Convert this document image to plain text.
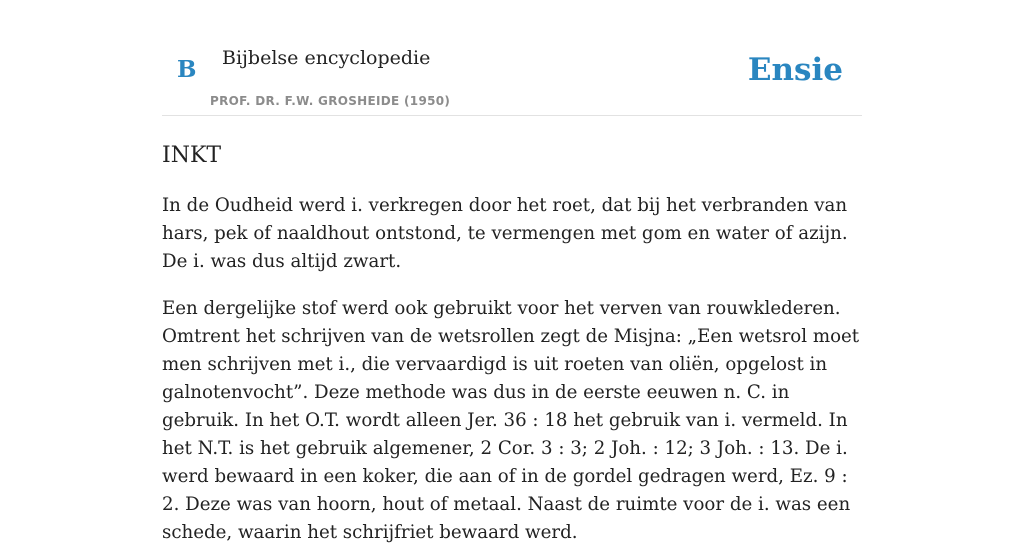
B Bijbelse encyclopedie
PROF. DR. F.W. GROSHEIDE (1950)
Ensie
INKT

In de Oudheid werd i. verkregen door het roet, dat bij het verbranden van hars, pek of naaldhout ontstond, te vermengen met gom en water of azijn. De i. was dus altijd zwart.

Een dergelijke stof werd ook gebruikt voor het verven van rouwklederen. Omtrent het schrijven van de wetsrollen zegt de Misjna: „Een wetsrol moet men schrijven met i., die vervaardigd is uit roeten van oliën, opgelost in galnotenvocht”. Deze methode was dus in de eerste eeuwen n. C. in gebruik. In het O.T. wordt alleen Jer. 36 : 18 het gebruik van i. vermeld. In het N.T. is het gebruik algemener, 2 Cor. 3 : 3; 2 Joh. : 12; 3 Joh. : 13. De i. werd bewaard in een koker, die aan of in de gordel gedragen werd, Ez. 9 : 2. Deze was van hoorn, hout of metaal. Naast de ruimte voor de i. was een schede, waarin het schrijfriet bewaard werd.
